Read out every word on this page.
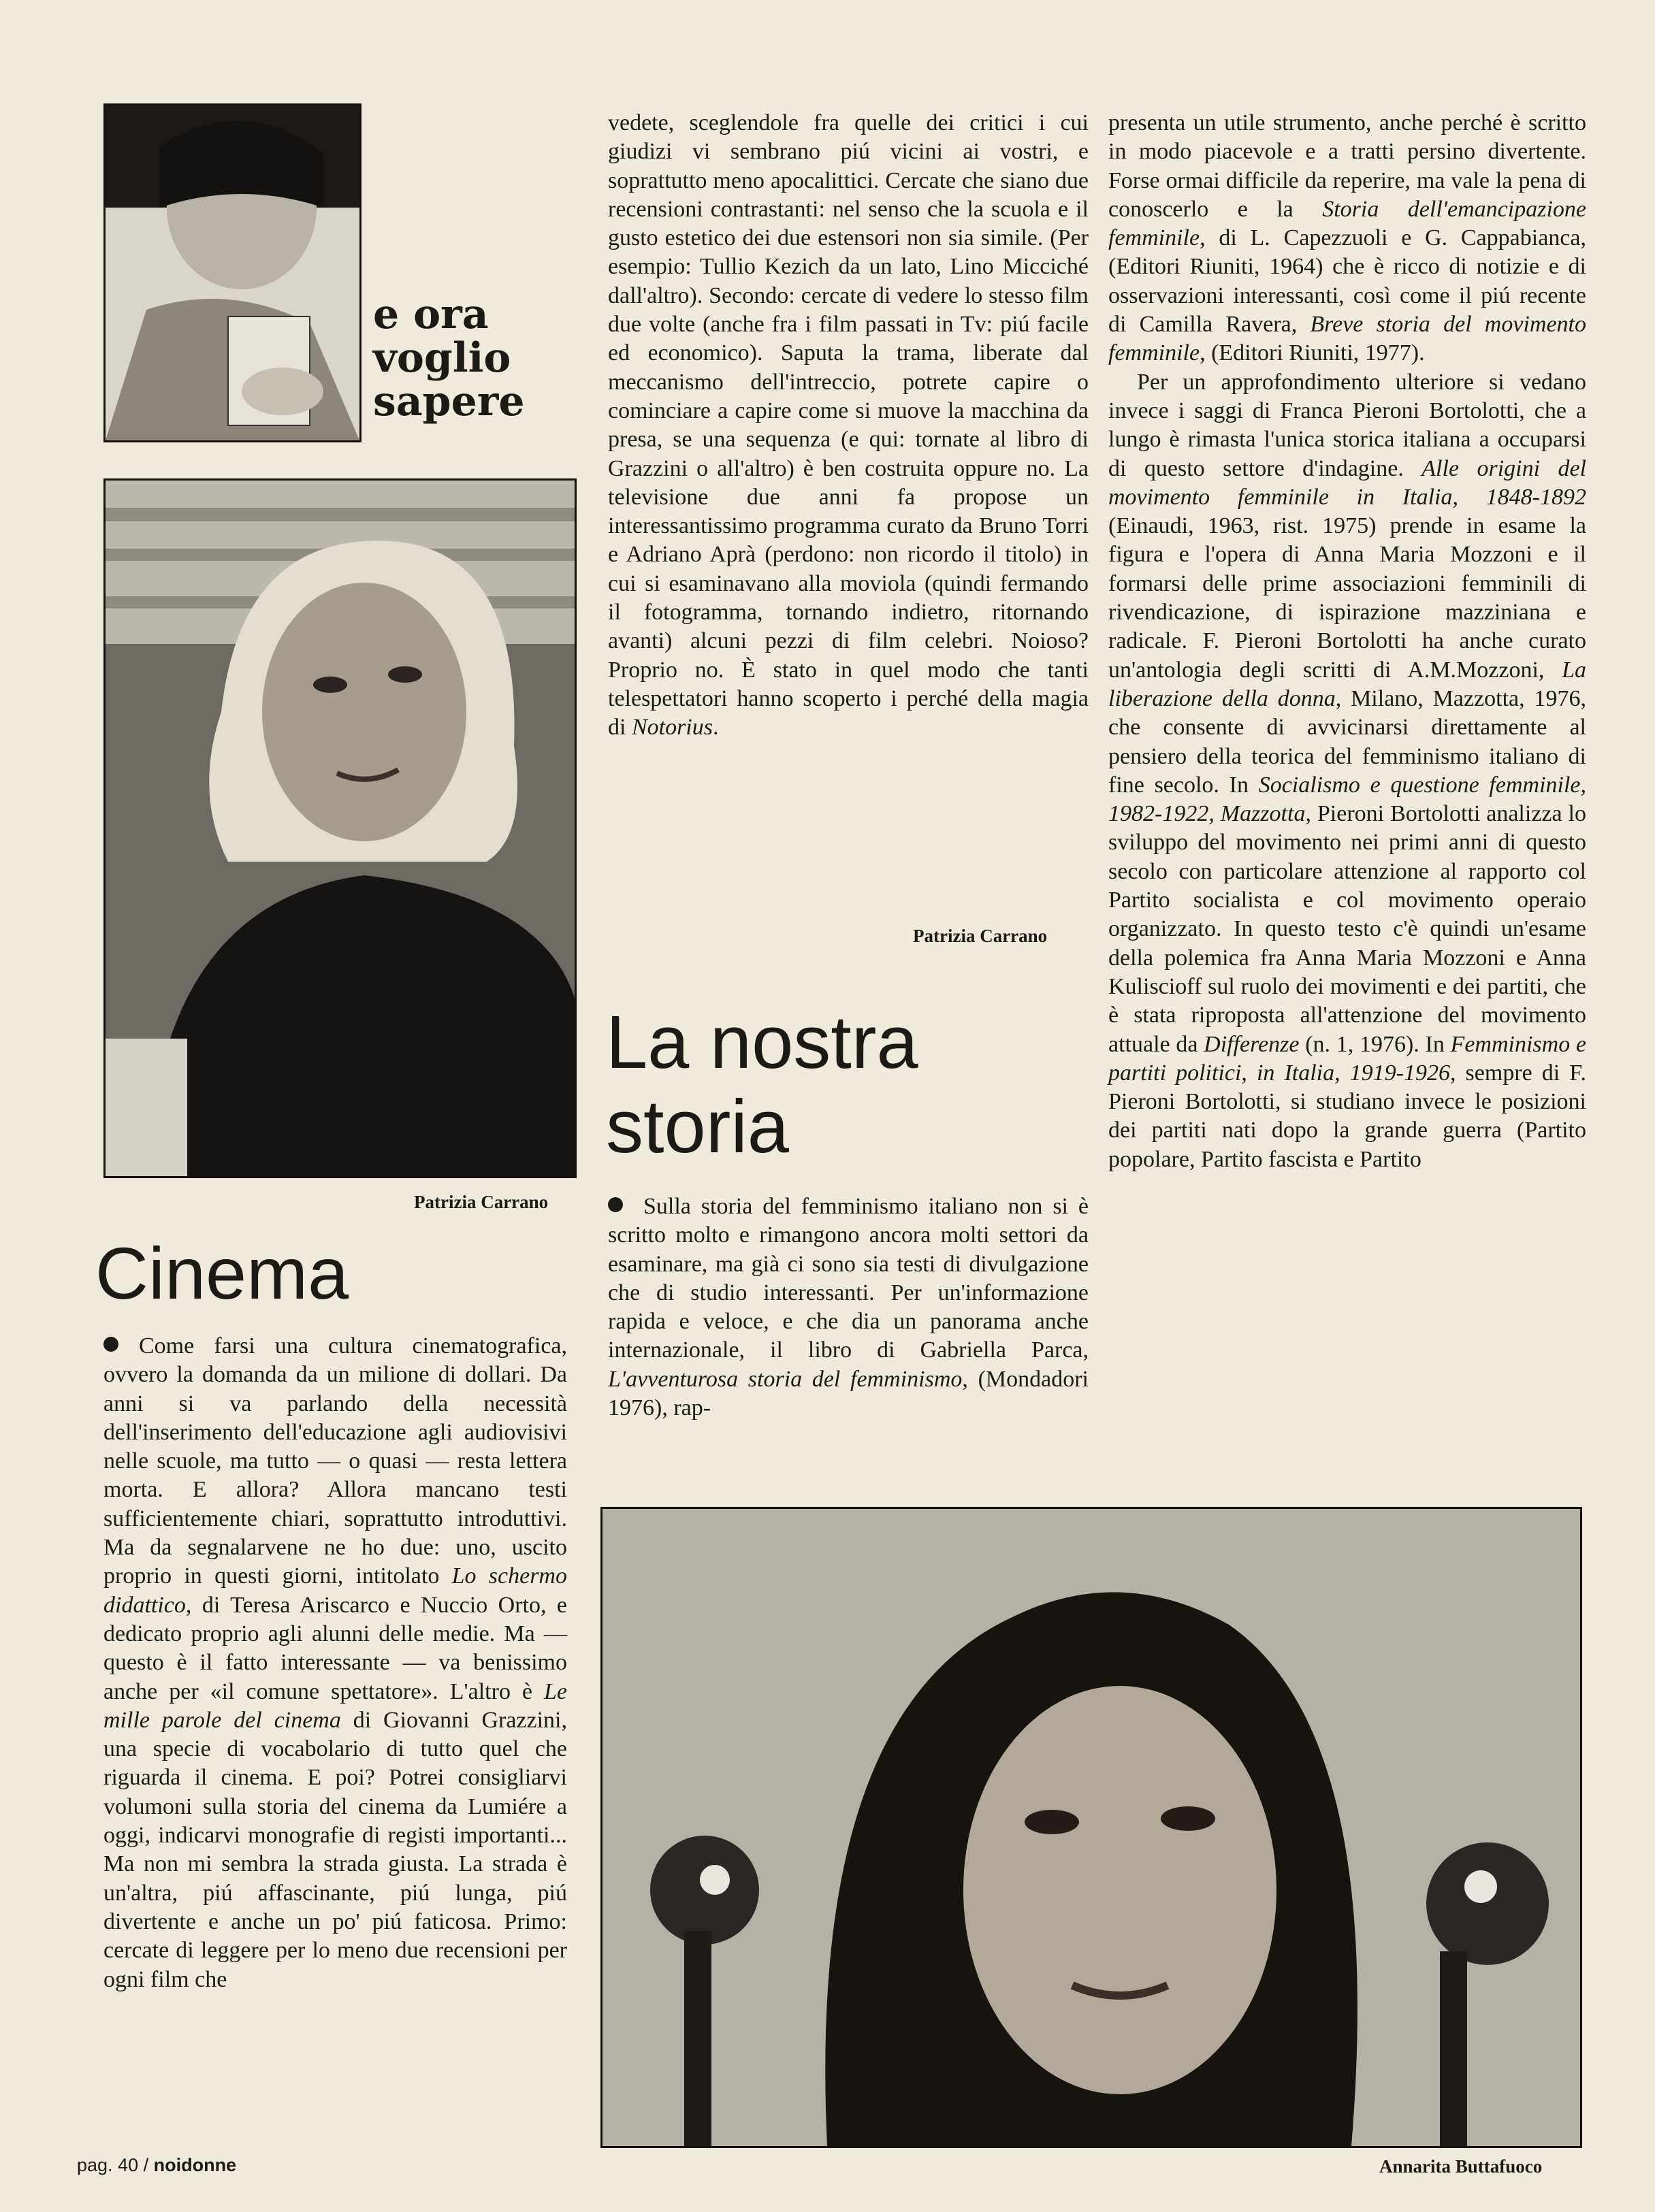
e ora
voglio
sapere
Patrizia Carrano
Cinema

Come farsi una cultura cinematografica, ovvero la domanda da un milione di dollari. Da anni si va parlando della necessità dell'inserimento dell'educazione agli audiovisivi nelle scuole, ma tutto — o quasi — resta lettera morta. E allora? Allora mancano testi sufficientemente chiari, soprattutto introduttivi. Ma da segnalarvene ne ho due: uno, uscito proprio in questi giorni, intitolato Lo schermo didattico, di Teresa Ariscarco e Nuccio Orto, e dedicato proprio agli alunni delle medie. Ma — questo è il fatto interessante — va benissimo anche per «il comune spettatore». L'altro è Le mille parole del cinema di Giovanni Grazzini, una specie di vocabolario di tutto quel che riguarda il cinema. E poi? Potrei consigliarvi volumoni sulla storia del cinema da Lumiére a oggi, indicarvi monografie di registi importanti... Ma non mi sembra la strada giusta. La strada è un'altra, piú affascinante, piú lunga, piú divertente e anche un po' piú faticosa. Primo: cercate di leggere per lo meno due recensioni per ogni film che

vedete, sceglendole fra quelle dei critici i cui giudizi vi sembrano piú vicini ai vostri, e soprattutto meno apocalittici. Cercate che siano due recensioni contrastanti: nel senso che la scuola e il gusto estetico dei due estensori non sia simile. (Per esempio: Tullio Kezich da un lato, Lino Micciché dall'altro). Secondo: cercate di vedere lo stesso film due volte (anche fra i film passati in Tv: piú facile ed economico). Saputa la trama, liberate dal meccanismo dell'intreccio, potrete capire o cominciare a capire come si muove la macchina da presa, se una sequenza (e qui: tornate al libro di Grazzini o all'altro) è ben costruita oppure no. La televisione due anni fa propose un interessantissimo programma curato da Bruno Torri e Adriano Aprà (perdono: non ricordo il titolo) in cui si esaminavano alla moviola (quindi fermando il fotogramma, tornando indietro, ritornando avanti) alcuni pezzi di film celebri. Noioso? Proprio no. È stato in quel modo che tanti telespettatori hanno scoperto i perché della magia di Notorius.

Patrizia Carrano
La nostra
storia

Sulla storia del femminismo italiano non si è scritto molto e rimangono ancora molti settori da esaminare, ma già ci sono sia testi di divulgazione che di studio interessanti. Per un'informazione rapida e veloce, e che dia un panorama anche internazionale, il libro di Gabriella Parca, L'avventurosa storia del femminismo, (Mondadori 1976), rap-

presenta un utile strumento, anche perché è scritto in modo piacevole e a tratti persino divertente. Forse ormai difficile da reperire, ma vale la pena di conoscerlo e la Storia dell'emancipazione femminile, di L. Capezzuoli e G. Cappabianca, (Editori Riuniti, 1964) che è ricco di notizie e di osservazioni interessanti, così come il piú recente di Camilla Ravera, Breve storia del movimento femminile, (Editori Riuniti, 1977).

Per un approfondimento ulteriore si vedano invece i saggi di Franca Pieroni Bortolotti, che a lungo è rimasta l'unica storica italiana a occuparsi di questo settore d'indagine. Alle origini del movimento femminile in Italia, 1848-1892 (Einaudi, 1963, rist. 1975) prende in esame la figura e l'opera di Anna Maria Mozzoni e il formarsi delle prime associazioni femminili di rivendicazione, di ispirazione mazziniana e radicale. F. Pieroni Bortolotti ha anche curato un'antologia degli scritti di A.M.Mozzoni, La liberazione della donna, Milano, Mazzotta, 1976, che consente di avvicinarsi direttamente al pensiero della teorica del femminismo italiano di fine secolo. In Socialismo e questione femminile, 1982-1922, Mazzotta, Pieroni Bortolotti analizza lo sviluppo del movimento nei primi anni di questo secolo con particolare attenzione al rapporto col Partito socialista e col movimento operaio organizzato. In questo testo c'è quindi un'esame della polemica fra Anna Maria Mozzoni e Anna Kuliscioff sul ruolo dei movimenti e dei partiti, che è stata riproposta all'attenzione del movimento attuale da Differenze (n. 1, 1976). In Femminismo e partiti politici, in Italia, 1919-1926, sempre di F. Pieroni Bortolotti, si studiano invece le posizioni dei partiti nati dopo la grande guerra (Partito popolare, Partito fascista e Partito

Annarita Buttafuoco
pag. 40 / noidonne
